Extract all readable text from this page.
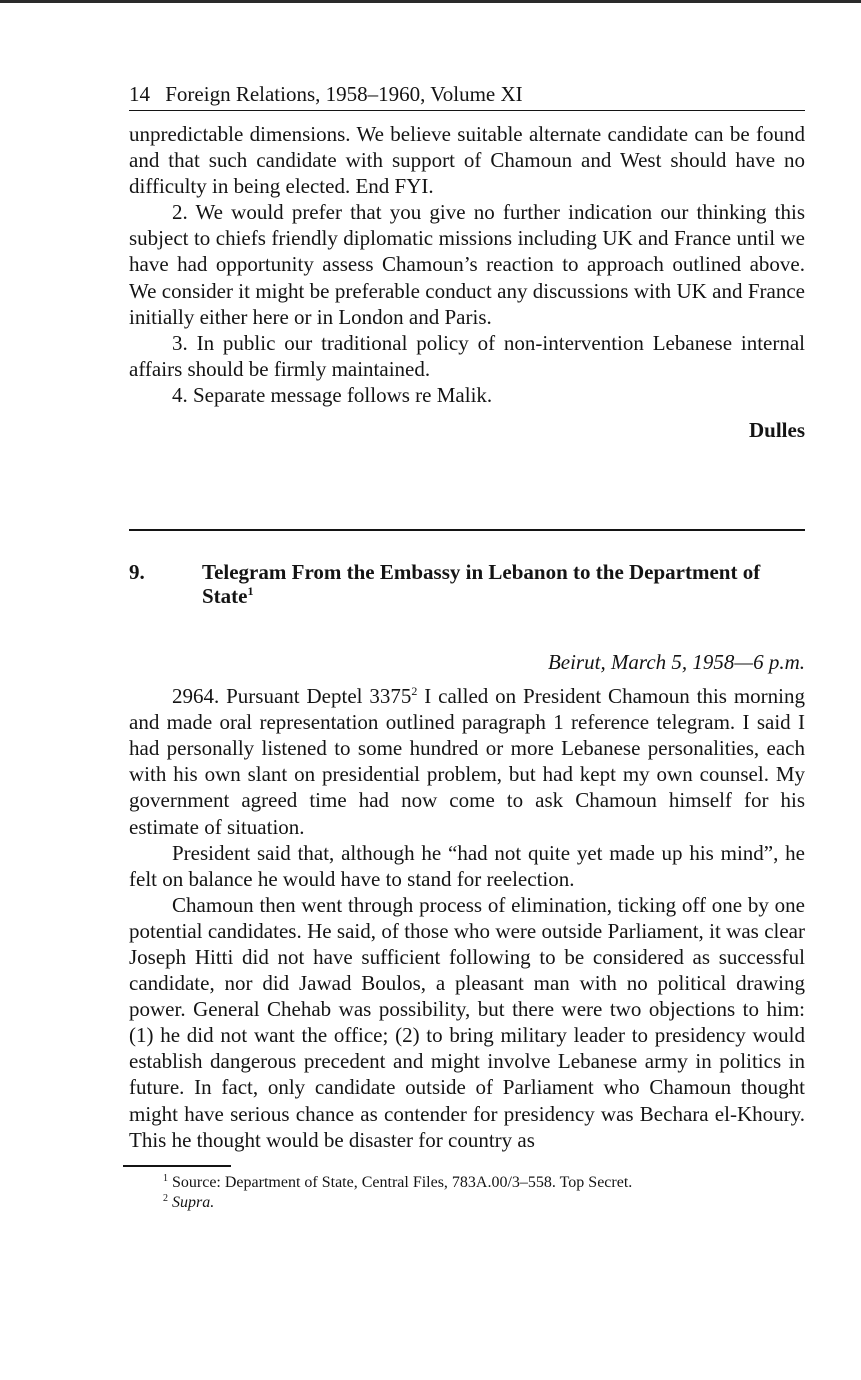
14 Foreign Relations, 1958–1960, Volume XI

unpredictable dimensions. We believe suitable alternate candidate can be found and that such candidate with support of Chamoun and West should have no difficulty in being elected. End FYI.

2. We would prefer that you give no further indication our thinking this subject to chiefs friendly diplomatic missions including UK and France until we have had opportunity assess Chamoun’s reaction to approach outlined above. We consider it might be preferable conduct any discussions with UK and France initially either here or in London and Paris.

3. In public our traditional policy of non-intervention Lebanese internal affairs should be firmly maintained.

4. Separate message follows re Malik.

Dulles
9.	Telegram From the Embassy in Lebanon to the Department of State$^1$
Beirut, March 5, 1958—6 p.m.

2964. Pursuant Deptel 3375$^2$ I called on President Chamoun this morning and made oral representation outlined paragraph 1 reference telegram. I said I had personally listened to some hundred or more Lebanese personalities, each with his own slant on presidential problem, but had kept my own counsel. My government agreed time had now come to ask Chamoun himself for his estimate of situation.

President said that, although he “had not quite yet made up his mind”, he felt on balance he would have to stand for reelection.

Chamoun then went through process of elimination, ticking off one by one potential candidates. He said, of those who were outside Parliament, it was clear Joseph Hitti did not have sufficient following to be considered as successful candidate, nor did Jawad Boulos, a pleasant man with no political drawing power. General Chehab was possibility, but there were two objections to him: (1) he did not want the office; (2) to bring military leader to presidency would establish dangerous precedent and might involve Lebanese army in politics in future. In fact, only candidate outside of Parliament who Chamoun thought might have serious chance as contender for presidency was Bechara el-Khoury. This he thought would be disaster for country as

$^1$ Source: Department of State, Central Files, 783A.00/3–558. Top Secret.
$^2$ Supra.
